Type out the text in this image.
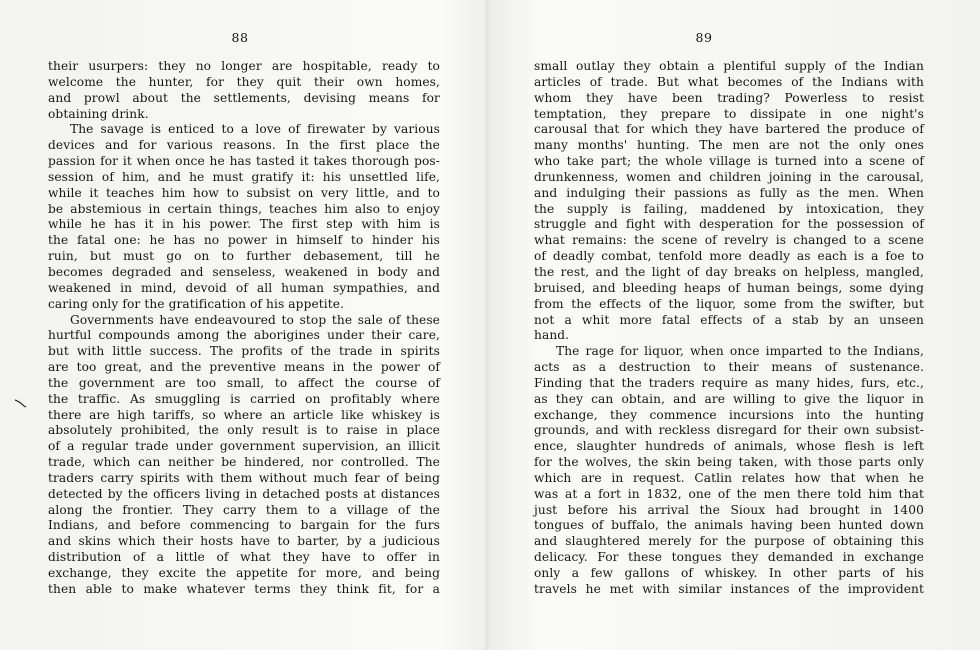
88
their usurpers: they no longer are hospitable, ready to
welcome the hunter, for they quit their own homes,
and prowl about the settlements, devising means for
obtaining drink.
The savage is enticed to a love of firewater by various
devices and for various reasons. In the first place the
passion for it when once he has tasted it takes thorough pos-
session of him, and he must gratify it: his unsettled life,
while it teaches him how to subsist on very little, and to
be abstemious in certain things, teaches him also to enjoy
while he has it in his power. The first step with him is
the fatal one: he has no power in himself to hinder his
ruin, but must go on to further debasement, till he
becomes degraded and senseless, weakened in body and
weakened in mind, devoid of all human sympathies, and
caring only for the gratification of his appetite.
Governments have endeavoured to stop the sale of these
hurtful compounds among the aborigines under their care,
but with little success. The profits of the trade in spirits
are too great, and the preventive means in the power of
the government are too small, to affect the course of
the traffic. As smuggling is carried on profitably where
there are high tariffs, so where an article like whiskey is
absolutely prohibited, the only result is to raise in place
of a regular trade under government supervision, an illicit
trade, which can neither be hindered, nor controlled. The
traders carry spirits with them without much fear of being
detected by the officers living in detached posts at distances
along the frontier. They carry them to a village of the
Indians, and before commencing to bargain for the furs
and skins which their hosts have to barter, by a judicious
distribution of a little of what they have to offer in
exchange, they excite the appetite for more, and being
then able to make whatever terms they think fit, for a
89
small outlay they obtain a plentiful supply of the Indian
articles of trade. But what becomes of the Indians with
whom they have been trading? Powerless to resist
temptation, they prepare to dissipate in one night's
carousal that for which they have bartered the produce of
many months' hunting. The men are not the only ones
who take part; the whole village is turned into a scene of
drunkenness, women and children joining in the carousal,
and indulging their passions as fully as the men. When
the supply is failing, maddened by intoxication, they
struggle and fight with desperation for the possession of
what remains: the scene of revelry is changed to a scene
of deadly combat, tenfold more deadly as each is a foe to
the rest, and the light of day breaks on helpless, mangled,
bruised, and bleeding heaps of human beings, some dying
from the effects of the liquor, some from the swifter, but
not a whit more fatal effects of a stab by an unseen
hand.
The rage for liquor, when once imparted to the Indians,
acts as a destruction to their means of sustenance.
Finding that the traders require as many hides, furs, etc.,
as they can obtain, and are willing to give the liquor in
exchange, they commence incursions into the hunting
grounds, and with reckless disregard for their own subsist-
ence, slaughter hundreds of animals, whose flesh is left
for the wolves, the skin being taken, with those parts only
which are in request. Catlin relates how that when he
was at a fort in 1832, one of the men there told him that
just before his arrival the Sioux had brought in 1400
tongues of buffalo, the animals having been hunted down
and slaughtered merely for the purpose of obtaining this
delicacy. For these tongues they demanded in exchange
only a few gallons of whiskey. In other parts of his
travels he met with similar instances of the improvident
